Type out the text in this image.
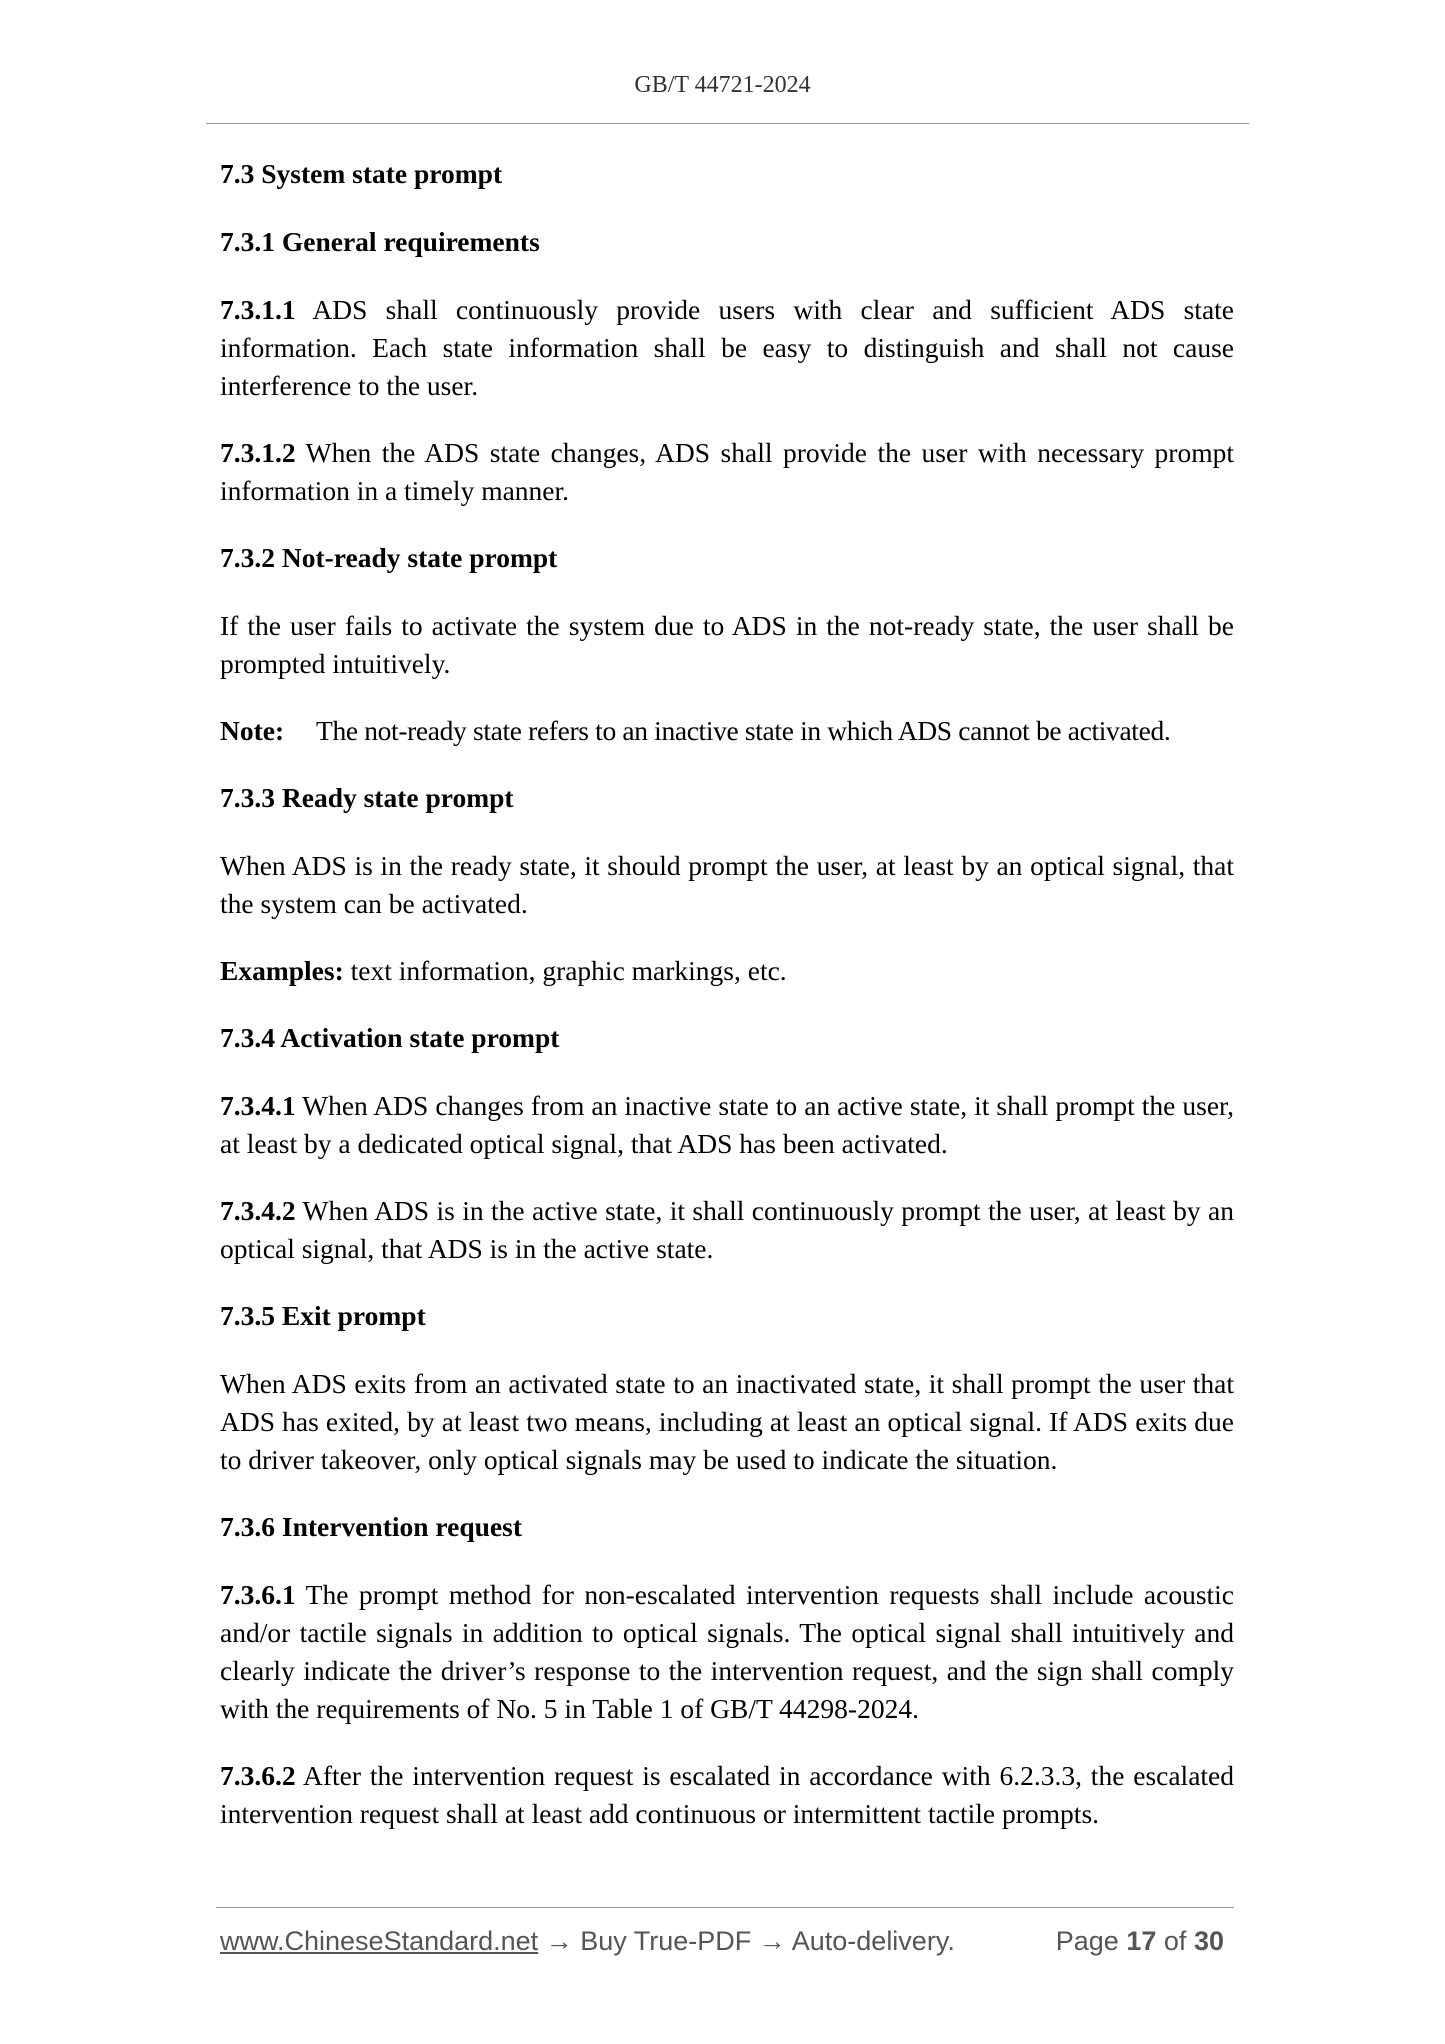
GB/T 44721-2024
7.3 System state prompt
7.3.1 General requirements
7.3.1.1 ADS shall continuously provide users with clear and sufficient ADS state information. Each state information shall be easy to distinguish and shall not cause interference to the user.
7.3.1.2 When the ADS state changes, ADS shall provide the user with necessary prompt information in a timely manner.
7.3.2 Not-ready state prompt
If the user fails to activate the system due to ADS in the not-ready state, the user shall be prompted intuitively.
Note:	The not-ready state refers to an inactive state in which ADS cannot be activated.
7.3.3 Ready state prompt
When ADS is in the ready state, it should prompt the user, at least by an optical signal, that the system can be activated.
Examples: text information, graphic markings, etc.
7.3.4 Activation state prompt
7.3.4.1 When ADS changes from an inactive state to an active state, it shall prompt the user, at least by a dedicated optical signal, that ADS has been activated.
7.3.4.2 When ADS is in the active state, it shall continuously prompt the user, at least by an optical signal, that ADS is in the active state.
7.3.5 Exit prompt
When ADS exits from an activated state to an inactivated state, it shall prompt the user that ADS has exited, by at least two means, including at least an optical signal. If ADS exits due to driver takeover, only optical signals may be used to indicate the situation.
7.3.6 Intervention request
7.3.6.1 The prompt method for non-escalated intervention requests shall include acoustic and/or tactile signals in addition to optical signals. The optical signal shall intuitively and clearly indicate the driver’s response to the intervention request, and the sign shall comply with the requirements of No. 5 in Table 1 of GB/T 44298-2024.
7.3.6.2 After the intervention request is escalated in accordance with 6.2.3.3, the escalated intervention request shall at least add continuous or intermittent tactile prompts.
www.ChineseStandard.net → Buy True-PDF → Auto-delivery.	Page 17 of 30
